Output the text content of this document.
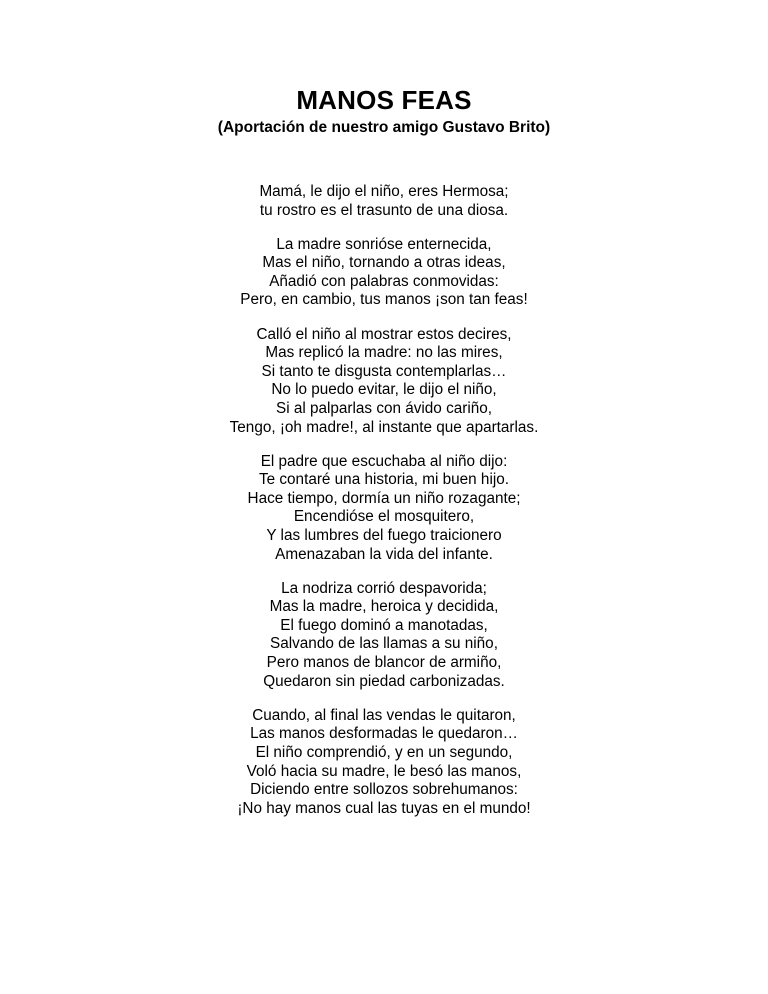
MANOS FEAS
(Aportación de nuestro amigo Gustavo Brito)
Mamá, le dijo el niño, eres Hermosa;
tu rostro es el trasunto de una diosa.
La madre sonrióse enternecida,
Mas el niño, tornando a otras ideas,
Añadió con palabras conmovidas:
Pero, en cambio, tus manos ¡son tan feas!
Calló el niño al mostrar estos decires,
Mas replicó la madre: no las mires,
Si tanto te disgusta contemplarlas…
No lo puedo evitar, le dijo el niño,
Si al palparlas con ávido cariño,
Tengo, ¡oh madre!, al instante que apartarlas.
El padre que escuchaba al niño dijo:
Te contaré una historia, mi buen hijo.
Hace tiempo, dormía un niño rozagante;
Encendióse el mosquitero,
Y las lumbres del fuego traicionero
Amenazaban la vida del infante.
La nodriza corrió despavorida;
Mas la madre, heroica y decidida,
El fuego dominó a manotadas,
Salvando de las llamas a su niño,
Pero manos de blancor de armiño,
Quedaron sin piedad carbonizadas.
Cuando, al final las vendas le quitaron,
Las manos desformadas le quedaron…
El niño comprendió, y en un segundo,
Voló hacia su madre, le besó las manos,
Diciendo entre sollozos sobrehumanos:
¡No hay manos cual las tuyas en el mundo!
